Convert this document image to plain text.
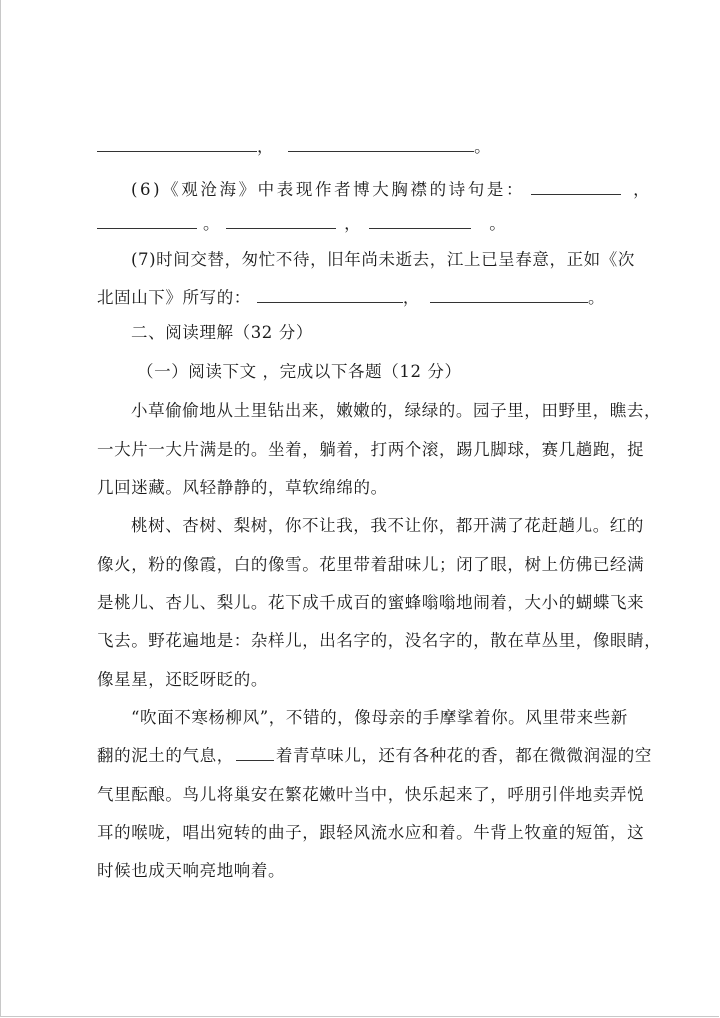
，	。
(6)《观沧海》中表现作者博大胸襟的诗句是：	，
。	，	。
(7)时间交替，匆忙不待，旧年尚未逝去，江上已呈春意，正如《次
北固山下》所写的：	，	。
二、阅读理解（32 分）
（一）阅读下文 ，完成以下各题（12 分）
小草偷偷地从土里钻出来，嫩嫩的，绿绿的。园子里，田野里，瞧去，
一大片一大片满是的。坐着，躺着，打两个滚，踢几脚球，赛几趟跑，捉
几回迷藏。风轻静静的，草软绵绵的。
桃树、杏树、梨树，你不让我，我不让你，都开满了花赶趟儿。红的
像火，粉的像霞，白的像雪。花里带着甜味儿；闭了眼，树上仿佛已经满
是桃儿、杏儿、梨儿。花下成千成百的蜜蜂嗡嗡地闹着，大小的蝴蝶飞来
飞去。野花遍地是：杂样儿，出名字的，没名字的，散在草丛里，像眼睛，
像星星，还眨呀眨的。
“吹面不寒杨柳风”，不错的，像母亲的手摩挲着你。风里带来些新
翻的泥土的气息，	着青草味儿，还有各种花的香，都在微微润湿的空
气里酝酿。鸟儿将巢安在繁花嫩叶当中，快乐起来了，呼朋引伴地卖弄悦
耳的喉咙，唱出宛转的曲子，跟轻风流水应和着。牛背上牧童的短笛，这
时候也成天响亮地响着。
